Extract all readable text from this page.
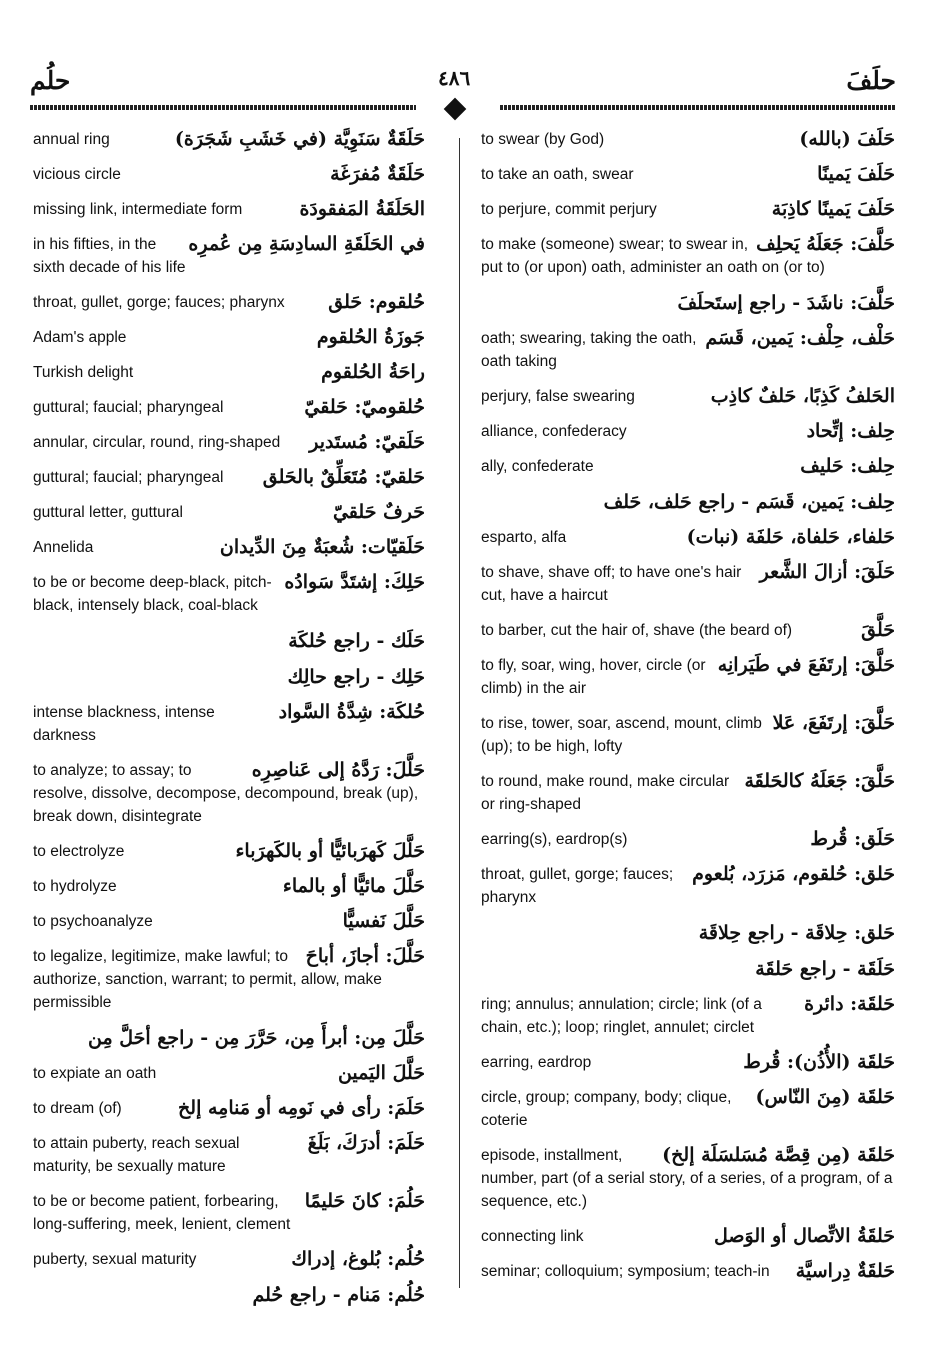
حلَفَ
٤٨٦
حلُم
حَلَقَةٌ سَنَوِيَّة (في خَشَبِ شَجَرَة)
annual ring
حَلَقَةٌ مُفرَغَة
vicious circle
الحَلَقَةُ المَفقودَة
missing link, intermediate form
في الحَلَقَةِ السادِسَةِ مِن عُمرِه
in his fifties, in the sixth decade of his life
حُلقوم: حَلق
throat, gullet, gorge; fauces; pharynx
جَوزَةُ الحُلقوم
Adam's apple
راحَةُ الحُلقوم
Turkish delight
حُلقوميّ: حَلقيّ
guttural; faucial; pharyngeal
حَلَقيّ: مُستَدير
annular, circular, round, ring-shaped
حَلقيّ: مُتَعَلِّقٌ بالحَلق
guttural; faucial; pharyngeal
حَرفٌ حَلقيّ
guttural letter, guttural
حَلَقيّات: شُعبَةٌ مِنَ الدِّيدان
Annelida
حَلِكَ: إشتَدَّ سَوادُه
to be or become deep-black, pitch-black, intensely black, coal-black
حَلَك - راجع حُلكَة
حَلِك - راجع حالِك
حُلكَة: شِدَّةُ السَّواد
intense blackness, intense darkness
حَلَّلَ: رَدَّهُ إلى عَناصِرِه
to analyze; to assay; to resolve, dissolve, decompose, decompound, break (up), break down, disintegrate
حَلَّلَ كَهرَبائيًّا أو بالكَهرَباء
to electrolyze
حَلَّلَ مائيًّا أو بالماء
to hydrolyze
حَلَّلَ نَفسيًّا
to psychoanalyze
حَلَّلَ: أجازَ، أباحَ
to legalize, legitimize, make lawful; to authorize, sanction, warrant; to permit, allow, make permissible
حَلَّلَ مِن: أبرأَ مِن، حَرَّرَ مِن - راجع أحَلَّ مِن
حَلَّلَ اليَمين
to expiate an oath
حَلَمَ: رأى في نَومِه أو مَنامِه إلخ
to dream (of)
حَلَمَ: أدرَكَ، بَلَغَ
to attain puberty, reach sexual maturity, be sexually mature
حَلُمَ: كانَ حَليمًا
to be or become patient, forbearing, long-suffering, meek, lenient, clement
حُلُم: بُلوغ، إدراك
puberty, sexual maturity
حُلُم: مَنام - راجع حُلم
حَلَفَ (بالله)
to swear (by God)
حَلَفَ يَمينًا
to take an oath, swear
حَلَفَ يَمينًا كاذِبَة
to perjure, commit perjury
حَلَّفَ: جَعَلَهُ يَحلِف
to make (someone) swear; to swear in, put to (or upon) oath, administer an oath on (or to)
حَلَّفَ: ناشَدَ - راجع إستَحلَفَ
حَلْف، حِلْف: يَمين، قَسَم
oath; swearing, taking the oath, oath taking
الحَلفُ كَذِبًا، حَلفٌ كاذِب
perjury, false swearing
حِلف: إتِّحاد
alliance, confederacy
حِلف: حَليف
ally, confederate
حِلف: يَمين، قَسَم - راجع حَلف، حَلف
حَلفاء، حَلفاة، حَلفَة (نبات)
esparto, alfa
حَلَقَ: أزالَ الشَّعر
to shave, shave off; to have one's hair cut, have a haircut
حَلَّقَ
to barber, cut the hair of, shave (the beard of)
حَلَّقَ: إرتَفَعَ في طَيَرانِه
to fly, soar, wing, hover, circle (or climb) in the air
حَلَّقَ: إرتَفَعَ، عَلا
to rise, tower, soar, ascend, mount, climb (up); to be high, lofty
حَلَّقَ: جَعَلَهُ كالحَلقَة
to round, make round, make circular or ring-shaped
حَلَق: قُرط
earring(s), eardrop(s)
حَلق: حُلقوم، مَزرَد، بُلعوم
throat, gullet, gorge; fauces; pharynx
حَلق: حِلاقَة - راجع حِلاقَة
حَلَقَة - راجع حَلقَة
حَلقَة: دائرة
ring; annulus; annulation; circle; link (of a chain, etc.); loop; ringlet, annulet; circlet
حَلقَة (الأُذُن): قُرط
earring, eardrop
حَلقَة (مِنَ النّاس)
circle, group; company, body; clique, coterie
حَلقَة (مِن قِصَّة مُسَلسَلَة إلخ)
episode, installment, number, part (of a serial story, of a series, of a program, of a sequence, etc.)
حَلقَةُ الاتِّصال أو الوَصل
connecting link
حَلقَةٌ دِراسيَّة
seminar; colloquium; symposium; teach-in
